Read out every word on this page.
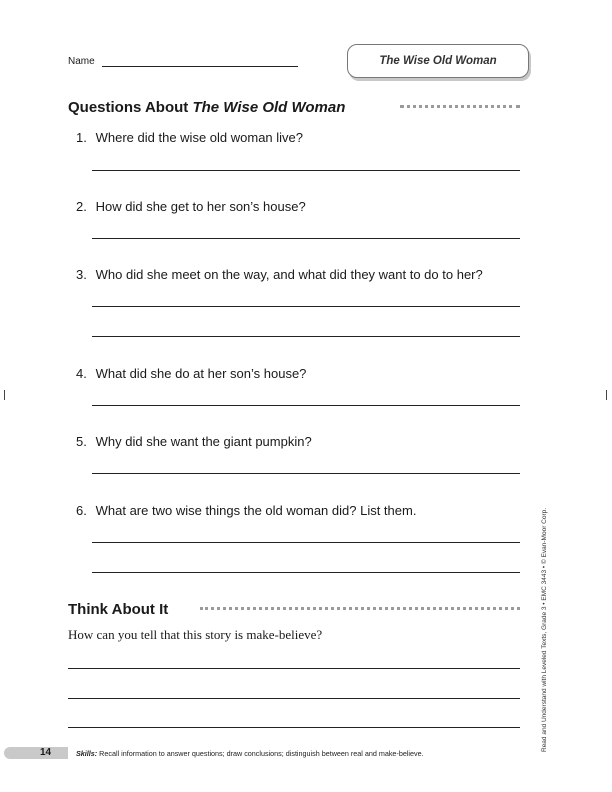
Name	The Wise Old Woman
Questions About The Wise Old Woman
1. Where did the wise old woman live?
2. How did she get to her son’s house?
3. Who did she meet on the way, and what did they want to do to her?
4. What did she do at her son’s house?
5. Why did she want the giant pumpkin?
6. What are two wise things the old woman did? List them.
Think About It
How can you tell that this story is make-believe?	Read and Understand with Leveled Texts, Grade 3 • EMC 3443 • © Evan-Moor Corp.
14	Skills: Recall information to answer questions; draw conclusions; distinguish between real and make-believe.
